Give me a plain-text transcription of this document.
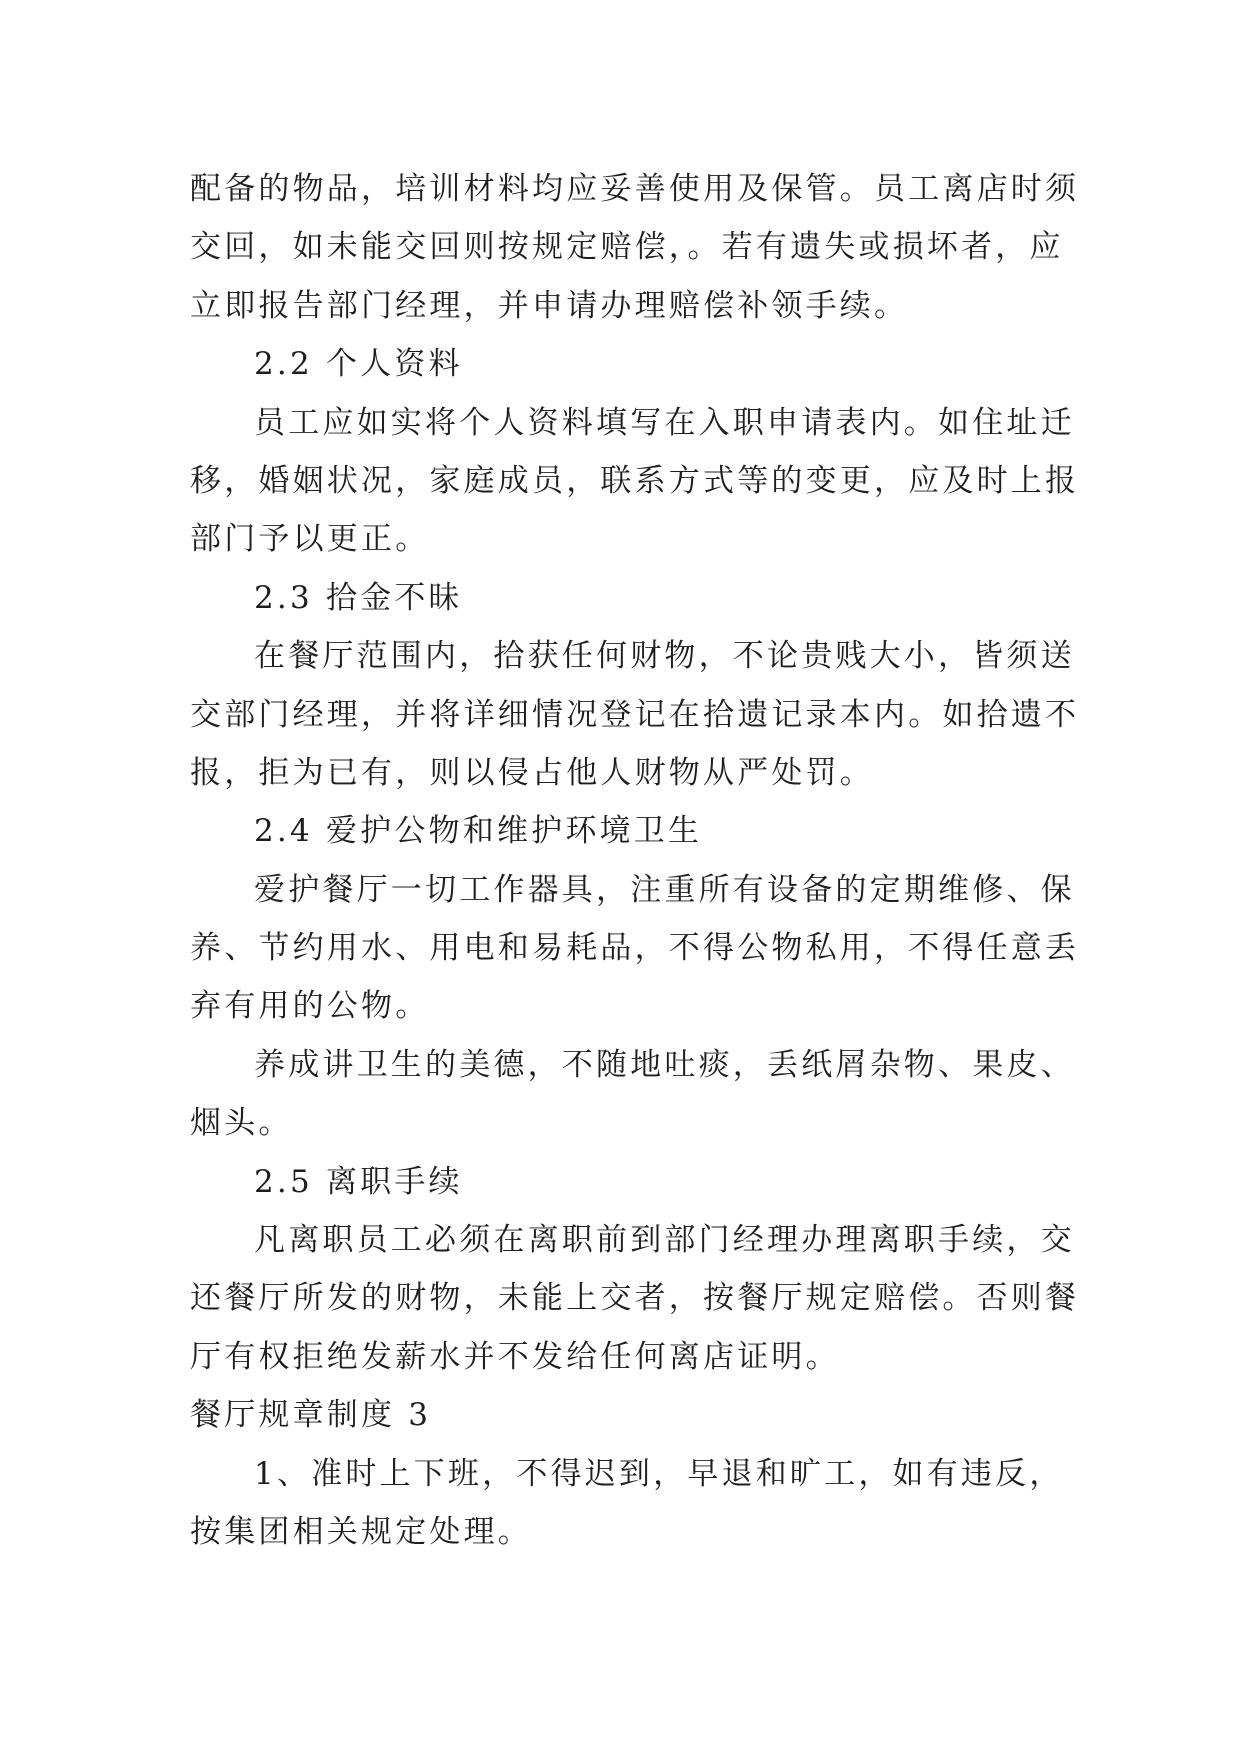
配备的物品，培训材料均应妥善使用及保管。员工离店时须
交回，如未能交回则按规定赔偿，。若有遗失或损坏者，应
立即报告部门经理，并申请办理赔偿补领手续。
2.2 个人资料
员工应如实将个人资料填写在入职申请表内。如住址迁
移，婚姻状况，家庭成员，联系方式等的变更，应及时上报
部门予以更正。
2.3 拾金不昧
在餐厅范围内，拾获任何财物，不论贵贱大小，皆须送
交部门经理，并将详细情况登记在拾遗记录本内。如拾遗不
报，拒为已有，则以侵占他人财物从严处罚。
2.4 爱护公物和维护环境卫生
爱护餐厅一切工作器具，注重所有设备的定期维修、保
养、节约用水、用电和易耗品，不得公物私用，不得任意丢
弃有用的公物。
养成讲卫生的美德，不随地吐痰，丢纸屑杂物、果皮、
烟头。
2.5 离职手续
凡离职员工必须在离职前到部门经理办理离职手续，交
还餐厅所发的财物，未能上交者，按餐厅规定赔偿。否则餐
厅有权拒绝发薪水并不发给任何离店证明。
餐厅规章制度 3
1、准时上下班，不得迟到，早退和旷工，如有违反，
按集团相关规定处理。
